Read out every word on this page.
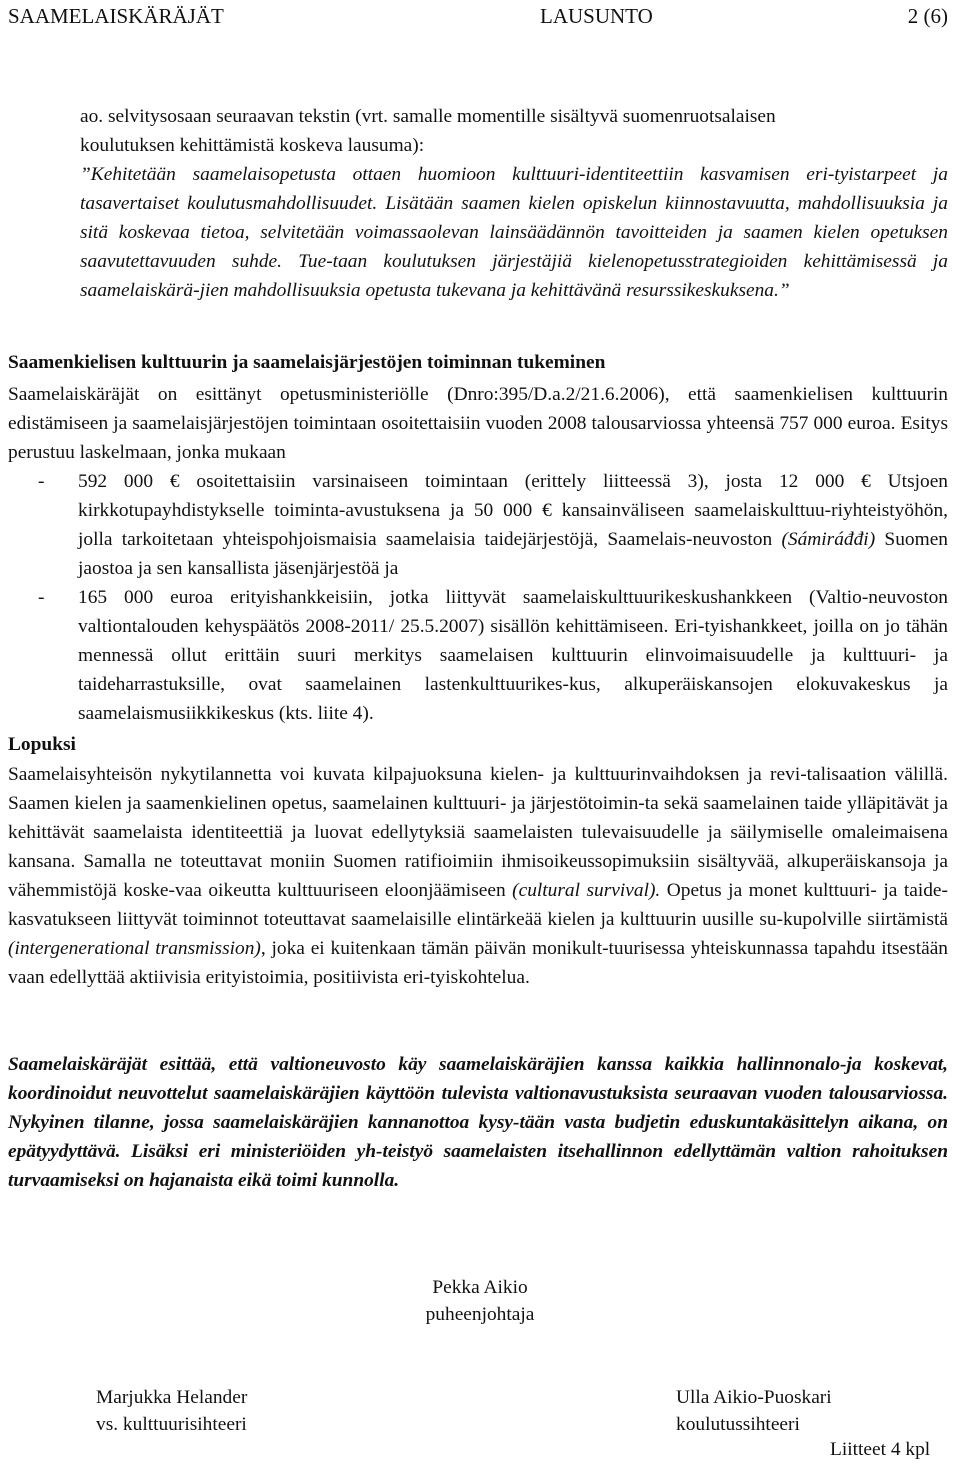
SAAMELAISKÄRÄJÄT	LAUSUNTO	2 (6)
ao. selvitysosaan seuraavan tekstin (vrt. samalle momentille sisältyvä suomenruotsalaisen
koulutuksen kehittämistä koskeva lausuma):

”Kehitetään saamelaisopetusta ottaen huomioon kulttuuri-identiteettiin kasvamisen eri-tyistarpeet ja tasavertaiset koulutusmahdollisuudet. Lisätään saamen kielen opiskelun kiinnostavuutta, mahdollisuuksia ja sitä koskevaa tietoa, selvitetään voimassaolevan lainsäädännön tavoitteiden ja saamen kielen opetuksen saavutettavuuden suhde. Tue-taan koulutuksen järjestäjiä kielenopetusstrategioiden kehittämisessä ja saamelaiskärä-jien mahdollisuuksia opetusta tukevana ja kehittävänä resurssikeskuksena.”

Saamenkielisen kulttuurin ja saamelaisjärjestöjen toiminnan tukeminen

Saamelaiskäräjät on esittänyt opetusministeriölle (Dnro:395/D.a.2/21.6.2006), että saamenkielisen kulttuurin edistämiseen ja saamelaisjärjestöjen toimintaan osoitettaisiin vuoden 2008 talousarviossa yhteensä 757 000 euroa. Esitys perustuu laskelmaan, jonka mukaan

- 592 000 € osoitettaisiin varsinaiseen toimintaan (erittely liitteessä 3), josta 12 000 € Utsjoen kirkkotupayhdistykselle toiminta-avustuksena ja 50 000 € kansainväliseen saamelaiskulttuu-riyhteistyöhön, jolla tarkoitetaan yhteispohjoismaisia saamelaisia taidejärjestöjä, Saamelais-neuvoston (Sámiráđđi) Suomen jaostoa ja sen kansallista jäsenjärjestöä ja
- 165 000 euroa erityishankkeisiin, jotka liittyvät saamelaiskulttuurikeskushankkeen (Valtio-neuvoston valtiontalouden kehyspäätös 2008-2011/ 25.5.2007) sisällön kehittämiseen. Eri-tyishankkeet, joilla on jo tähän mennessä ollut erittäin suuri merkitys saamelaisen kulttuurin elinvoimaisuudelle ja kulttuuri- ja taideharrastuksille, ovat saamelainen lastenkulttuurikes-kus, alkuperäiskansojen elokuvakeskus ja saamelaismusiikkikeskus (kts. liite 4).
Lopuksi

Saamelaisyhteisön nykytilannetta voi kuvata kilpajuoksuna kielen- ja kulttuurinvaihdoksen ja revi-talisaation välillä. Saamen kielen ja saamenkielinen opetus, saamelainen kulttuuri- ja järjestötoimin-ta sekä saamelainen taide ylläpitävät ja kehittävät saamelaista identiteettiä ja luovat edellytyksiä saamelaisten tulevaisuudelle ja säilymiselle omaleimaisena kansana. Samalla ne toteuttavat moniin Suomen ratifioimiin ihmisoikeussopimuksiin sisältyvää, alkuperäiskansoja ja vähemmistöjä koske-vaa oikeutta kulttuuriseen eloonjäämiseen (cultural survival). Opetus ja monet kulttuuri- ja taide-kasvatukseen liittyvät toiminnot toteuttavat saamelaisille elintärkeää kielen ja kulttuurin uusille su-kupolville siirtämistä (intergenerational transmission), joka ei kuitenkaan tämän päivän monikult-tuurisessa yhteiskunnassa tapahdu itsestään vaan edellyttää aktiivisia erityistoimia, positiivista eri-tyiskohtelua.

Saamelaiskäräjät esittää, että valtioneuvosto käy saamelaiskäräjien kanssa kaikkia hallinnonalo-ja koskevat, koordinoidut neuvottelut saamelaiskäräjien käyttöön tulevista valtionavustuksista seuraavan vuoden talousarviossa. Nykyinen tilanne, jossa saamelaiskäräjien kannanottoa kysy-tään vasta budjetin eduskuntakäsittelyn aikana, on epätyydyttävä. Lisäksi eri ministeriöiden yh-teistyö saamelaisten itsehallinnon edellyttämän valtion rahoituksen turvaamiseksi on hajanaista eikä toimi kunnolla.

Pekka Aikio
puheenjohtaja
Marjukka Helander
vs. kulttuurisihteeri
Ulla Aikio-Puoskari
koulutussihteeri
Liitteet 4 kpl
